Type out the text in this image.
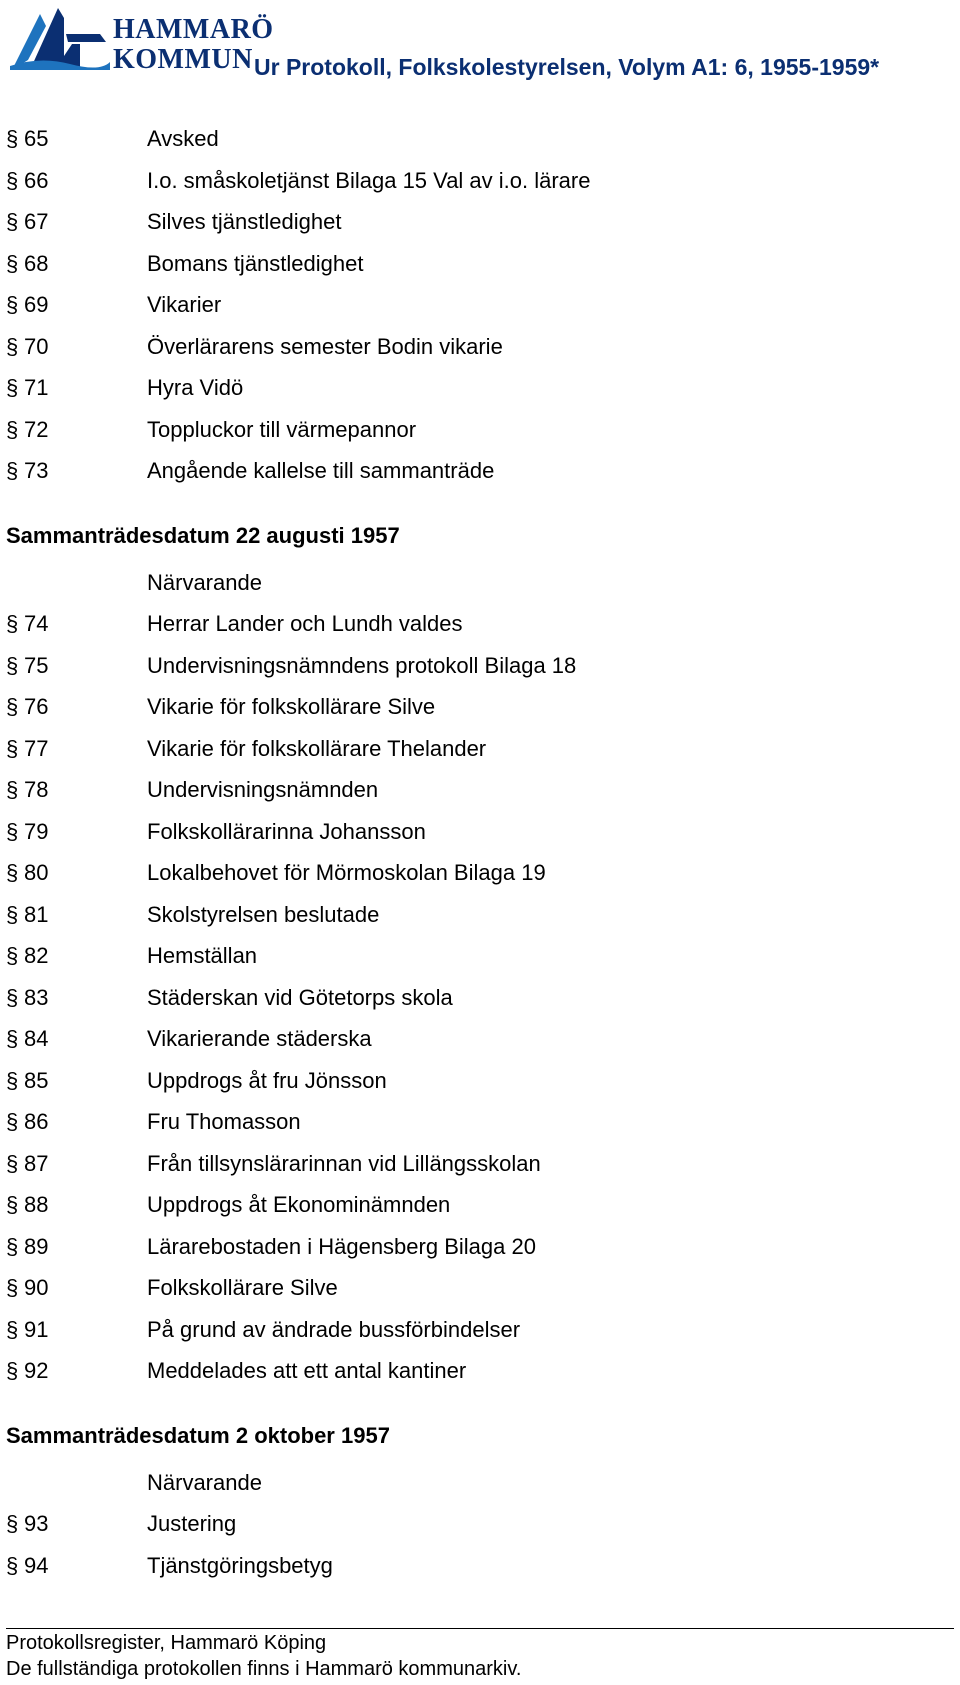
HAMMARÖ
KOMMUN Ur Protokoll, Folkskolestyrelsen, Volym A1: 6, 1955-1959*
§ 65	Avsked
§ 66	I.o. småskoletjänst Bilaga 15 Val av i.o. lärare
§ 67	Silves tjänstledighet
§ 68	Bomans tjänstledighet
§ 69	Vikarier
§ 70	Överlärarens semester Bodin vikarie
§ 71	Hyra Vidö
§ 72	Toppluckor till värmepannor
§ 73	Angående kallelse till sammanträde
Sammanträdesdatum 22 augusti 1957
Närvarande
§ 74	Herrar Lander och Lundh valdes
§ 75	Undervisningsnämndens protokoll Bilaga 18
§ 76	Vikarie för folkskollärare Silve
§ 77	Vikarie för folkskollärare Thelander
§ 78	Undervisningsnämnden
§ 79	Folkskollärarinna Johansson
§ 80	Lokalbehovet för Mörmoskolan Bilaga 19
§ 81	Skolstyrelsen beslutade
§ 82	Hemställan
§ 83	Städerskan vid Götetorps skola
§ 84	Vikarierande städerska
§ 85	Uppdrogs åt fru Jönsson
§ 86	Fru Thomasson
§ 87	Från tillsynslärarinnan vid Lillängsskolan
§ 88	Uppdrogs åt Ekonominämnden
§ 89	Lärarebostaden i Hägensberg Bilaga 20
§ 90	Folkskollärare Silve
§ 91	På grund av ändrade bussförbindelser
§ 92	Meddelades att ett antal kantiner
Sammanträdesdatum 2 oktober 1957
Närvarande
§ 93	Justering
§ 94	Tjänstgöringsbetyg
Protokollsregister, Hammarö Köping
De fullständiga protokollen finns i Hammarö kommunarkiv.
